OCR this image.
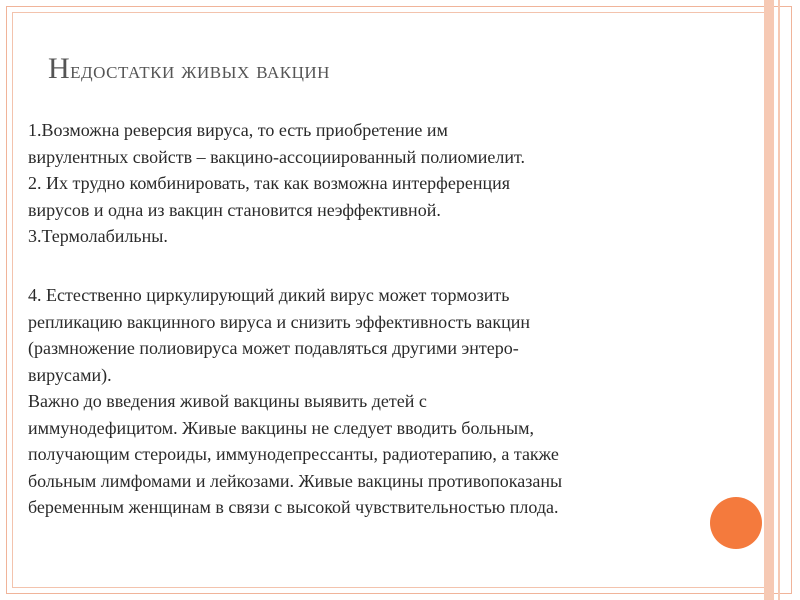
Недостатки живых вакцин
1.Возможна реверсия вируса, то есть приобретение им
вирулентных свойств – вакцино-ассоциированный полиомиелит.
2. Их трудно комбинировать, так как возможна интерференция
вирусов и одна из вакцин становится неэффективной.
3.Термолабильны.
4. Естественно циркулирующий дикий вирус может тормозить
репликацию вакцинного вируса и снизить эффективность вакцин
(размножение полиовируса может подавляться другими энтеро-
вирусами).
Важно до введения живой вакцины выявить детей с
иммунодефицитом. Живые вакцины не следует вводить больным,
получающим стероиды, иммунодепрессанты, радиотерапию, а также
больным лимфомами и лейкозами. Живые вакцины противопоказаны
беременным женщинам в связи с высокой чувствительностью плода.
